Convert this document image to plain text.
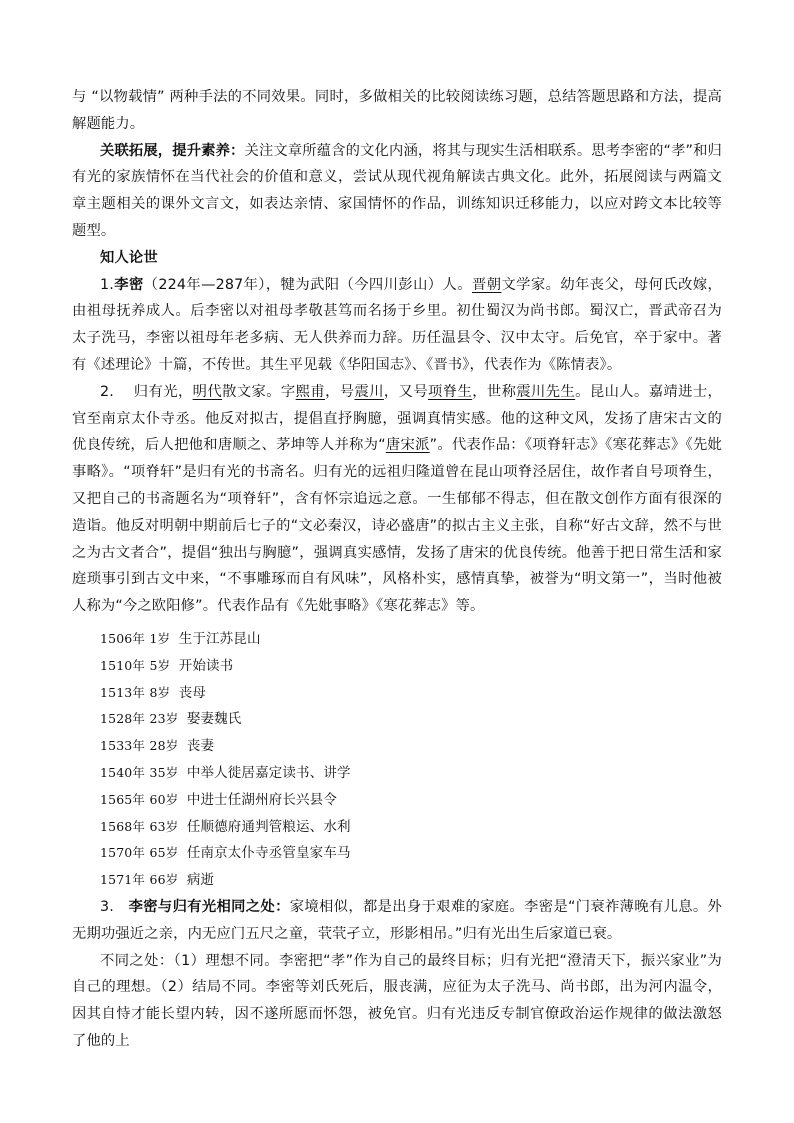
与 “以物载情” 两种手法的不同效果。同时，多做相关的比较阅读练习题，总结答题思路和方法，提高解题能力。

关联拓展，提升素养：关注文章所蕴含的文化内涵，将其与现实生活相联系。思考李密的“孝”和归有光的家族情怀在当代社会的价值和意义，尝试从现代视角解读古典文化。此外，拓展阅读与两篇文章主题相关的课外文言文，如表达亲情、家国情怀的作品，训练知识迁移能力，以应对跨文本比较等题型。

知人论世

1.李密（224年—287年），犍为武阳（今四川彭山）人。晋朝文学家。幼年丧父，母何氏改嫁，由祖母抚养成人。后李密以对祖母孝敬甚笃而名扬于乡里。初仕蜀汉为尚书郎。蜀汉亡，晋武帝召为太子洗马，李密以祖母年老多病、无人供养而力辞。历任温县令、汉中太守。后免官，卒于家中。著有《述理论》十篇，不传世。其生平见载《华阳国志》、《晋书》，代表作为《陈情表》。

2. 归有光，明代散文家。字熙甫，号震川，又号项脊生，世称震川先生。昆山人。嘉靖进士，官至南京太仆寺丞。他反对拟古，提倡直抒胸臆，强调真情实感。他的这种文风，发扬了唐宋古文的优良传统，后人把他和唐顺之、茅坤等人并称为“唐宋派”。代表作品：《项脊轩志》《寒花葬志》《先妣事略》。“项脊轩”是归有光的书斋名。归有光的远祖归隆道曾在昆山项脊泾居住，故作者自号项脊生，又把自己的书斋题名为“项脊轩”，含有怀宗追远之意。一生郁郁不得志，但在散文创作方面有很深的造诣。他反对明朝中期前后七子的“文必秦汉，诗必盛唐”的拟古主义主张，自称“好古文辞，然不与世之为古文者合”，提倡“独出与胸臆”，强调真实感情，发扬了唐宋的优良传统。他善于把日常生活和家庭琐事引到古文中来，“不事雕琢而自有风味”，风格朴实，感情真挚，被誉为“明文第一”，当时他被人称为“今之欧阳修”。代表作品有《先妣事略》《寒花葬志》等。

1506年 1岁 生于江苏昆山

1510年 5岁 开始读书

1513年 8岁 丧母

1528年 23岁 娶妻魏氏

1533年 28岁 丧妻

1540年 35岁 中举人徙居嘉定读书、讲学

1565年 60岁 中进士任湖州府长兴县令

1568年 63岁 任顺德府通判管粮运、水利

1570年 65岁 任南京太仆寺丞管皇家车马

1571年 66岁 病逝

3. 李密与归有光相同之处：家境相似，都是出身于艰难的家庭。李密是“门衰祚薄晚有儿息。外无期功强近之亲，内无应门五尺之童，茕茕孑立，形影相吊。”归有光出生后家道已衰。

不同之处：（1）理想不同。李密把“孝”作为自己的最终目标；归有光把“澄清天下，振兴家业”为自己的理想。（2）结局不同。李密等刘氏死后，服丧满，应征为太子洗马、尚书郎，出为河内温令，因其自恃才能长望内转，因不遂所愿而怀怨，被免官。归有光违反专制官僚政治运作规律的做法激怒了他的上
